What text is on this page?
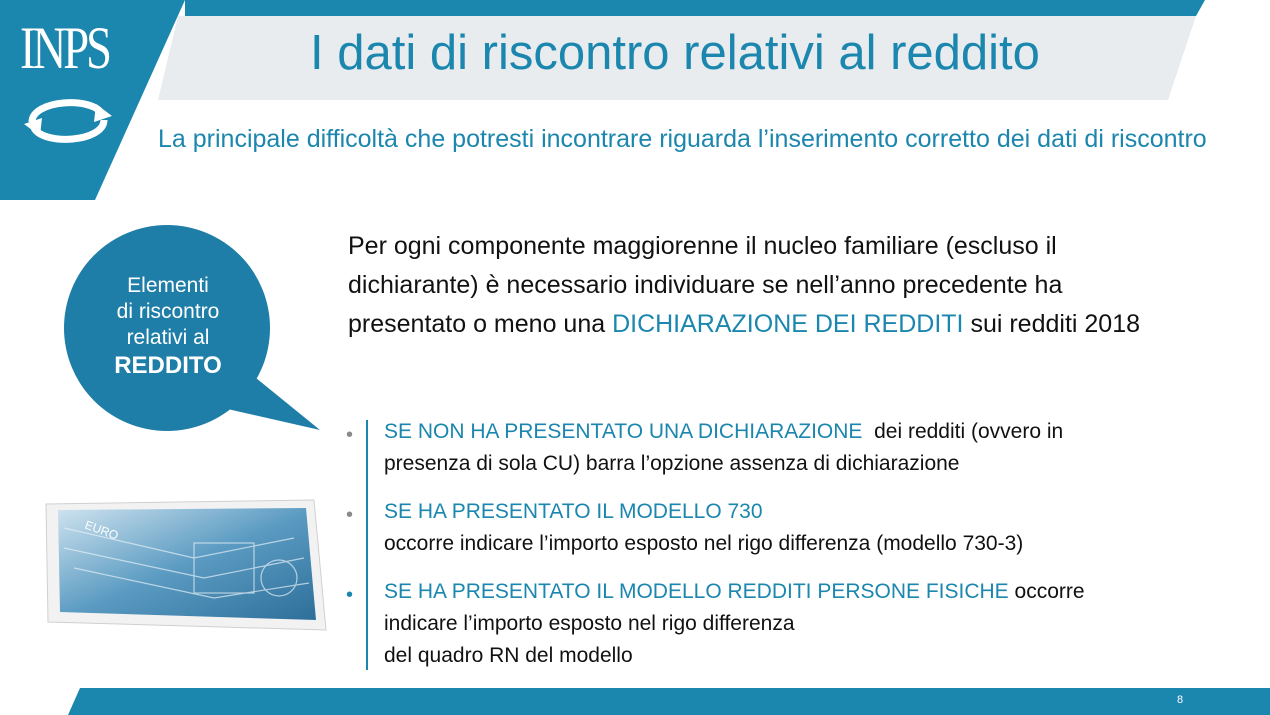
INPS	I dati di riscontro relativi al reddito
La principale difficoltà che potresti incontrare riguarda l’inserimento corretto dei dati di riscontro
Elementi
di riscontro
relativi al
REDDITO
Per ogni componente maggiorenne il nucleo familiare (escluso il dichiarante) è necessario individuare se nell’anno precedente ha presentato o meno una DICHIARAZIONE DEI REDDITI sui redditi 2018
• SE NON HA PRESENTATO UNA DICHIARAZIONE  dei redditi (ovvero in
presenza di sola CU) barra l’opzione assenza di dichiarazione
• SE HA PRESENTATO IL MODELLO 730
occorre indicare l’importo esposto nel rigo differenza (modello 730-3)
• SE HA PRESENTATO IL MODELLO REDDITI PERSONE FISICHE occorre
indicare l’importo esposto nel rigo differenza
del quadro RN del modello
EURO
8
